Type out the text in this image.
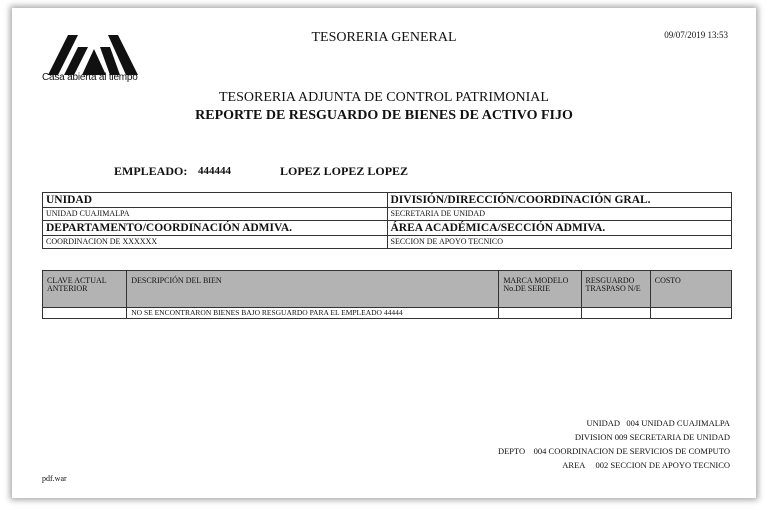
Casa abierta al tiempo
TESORERIA GENERAL	09/07/2019 13:53
TESORERIA ADJUNTA DE CONTROL PATRIMONIAL
REPORTE DE RESGUARDO DE BIENES DE ACTIVO FIJO
EMPLEADO: 444444	LOPEZ LOPEZ LOPEZ
UNIDAD	DIVISIÓN/DIRECCIÓN/COORDINACIÓN GRAL.
UNIDAD CUAJIMALPA	SECRETARIA DE UNIDAD
DEPARTAMENTO/COORDINACIÓN ADMIVA.	ÁREA ACADÉMICA/SECCIÓN ADMIVA.
COORDINACION DE XXXXXX	SECCION DE APOYO TECNICO
CLAVE ACTUAL ANTERIOR	DESCRIPCIÓN DEL BIEN	MARCA MODELO No.DE SERIE	RESGUARDO TRASPASO N/E	COSTO
	NO SE ENCONTRARON BIENES BAJO RESGUARDO PARA EL EMPLEADO 44444			
UNIDAD   004 UNIDAD CUAJIMALPA
DIVISION 009 SECRETARIA DE UNIDAD
DEPTO    004 COORDINACION DE SERVICIOS DE COMPUTO
AREA     002 SECCION DE APOYO TECNICO
pdf.war
